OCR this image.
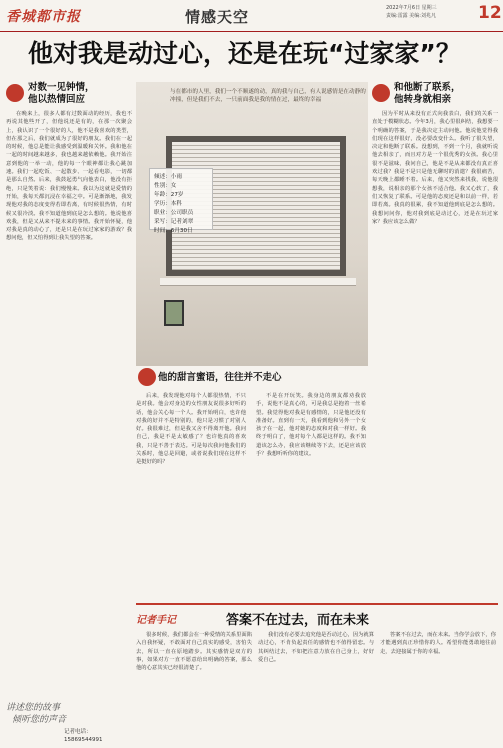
香城都市报	情感天空	2022年7月6日 星期三
责编:雷露 美编:刘兆凡	12
他对我是动过心，还是在玩“过家家”？
对数一见钟情，
他以热情回应
在晚来上，很多人都有过数面动的经历，我也不再说其他些开了，但他说还是有的，在那一次聚会上，我认识了一个很好的人，他不是我喜欢的类型，但在那之后，我们就成为了很好的朋友。我们在一起的时候，他总是能让我感受到温暖和关怀。我和他在一起的时间越来越多，我也越来越依赖他。我开始注意到他的一举一动，他的每一个眼神都让我心跳加速。我们一起吃饭、一起散步、一起看电影，一切都是那么自然。后来，我鼓起勇气向他表白，他没有拒绝，只是笑着说：我们慢慢来。我以为这就是爱情的开始，我每天都沉浸在幸福之中。可是渐渐地，我发现他对我的态度变得若即若离，有时候很热情，有时候又很冷淡。我不知道他到底是怎么想的。他说他喜欢我，但是又从来不提未来的事情。我开始怀疑，他对我是真的动心了，还是只是在玩过家家的游戏？我想问他，但又怕得到让我失望的答案。
讲述您的故事
倾听您的声音
记者电话：
15869544991
与在都市的人里，我们一个不顺遂的动，真的我与自己，有人说感情是在动静的冲撞，但是我们不去，一只前面我是我的情在过，最终的幸福
倾述：小雨
性别：女
年龄：27岁
学历：本科
职业：公司职员
采写：记者刘翠
时间：6月30日
他的甜言蜜语，往往并不走心
后来，我发现他对每个人都很热情，不只是对我。他会对身边的女性朋友说很多好听的话，他会关心每一个人。我开始明白，也许他对我的好并不是特别的，他只是习惯了对别人好。我很难过，但是我又舍不得离开他。我问自己，我是不是太敏感了？也许他真的喜欢我，只是不善于表达。可是每次我问他我们的关系时，他总是回避，或者说我们现在这样不是挺好的吗？
不是在开玩笑。我身边的朋友都劝我放手，说他不是真心的，可是我总是抱着一丝希望。我觉得他对我是有感情的，只是他还没有准备好。直到有一天，我看到他和另外一个女孩子在一起，他对她的态度和对我一样好。我终于明白了，他对每个人都是这样的。我不知道该怎么办，我应该继续等下去，还是应该放手？我想听听你的建议。
和他断了联系，
他转身就相亲
因为平时从来没有正式向我表白，我们的关系一直处于模糊状态。今年3月，我心里很纠结，我想要一个明确的答案，于是我决定主动问他。他说他觉得我们现在这样很好，没必要改变什么。我听了很失望，决定和他断了联系。没想到，不到一个月，我就听说他去相亲了，而且对方是一个很优秀的女孩。我心里很不是滋味，我问自己，他是不是从来都没有真正喜欢过我？我是不是只是他无聊时的消遣？我很痛苦，每天晚上都睡不着。后来，他又突然来找我，说他很想我，说相亲的那个女孩不适合他。我又心软了，我们又恢复了联系。可是他的态度还是和以前一样，若即若离。我真的很累，我不知道他到底是怎么想的。我想问问你，他对我到底是动过心，还是在玩过家家？我应该怎么做？
记者手记	答案不在过去，而在未来
很多时候，我们都会在一种爱情的关系里面陷入自我怀疑，不敢面对自己真实的感受，害怕失去，所以一直在原地踏步。其实感情是双方的事，如果对方一直不愿意给出明确的答案，那么他的心意其实已经很清楚了。
我们没有必要去追究他是否动过心，因为就算动过心，不肯负起责任的感情也不值得留恋。与其纠结过去，不如把注意力放在自己身上，好好爱自己。
答案不在过去，而在未来。当你学会放下，你才能遇到真正珍惜你的人。希望你能勇敢地往前走，去迎接属于你的幸福。
